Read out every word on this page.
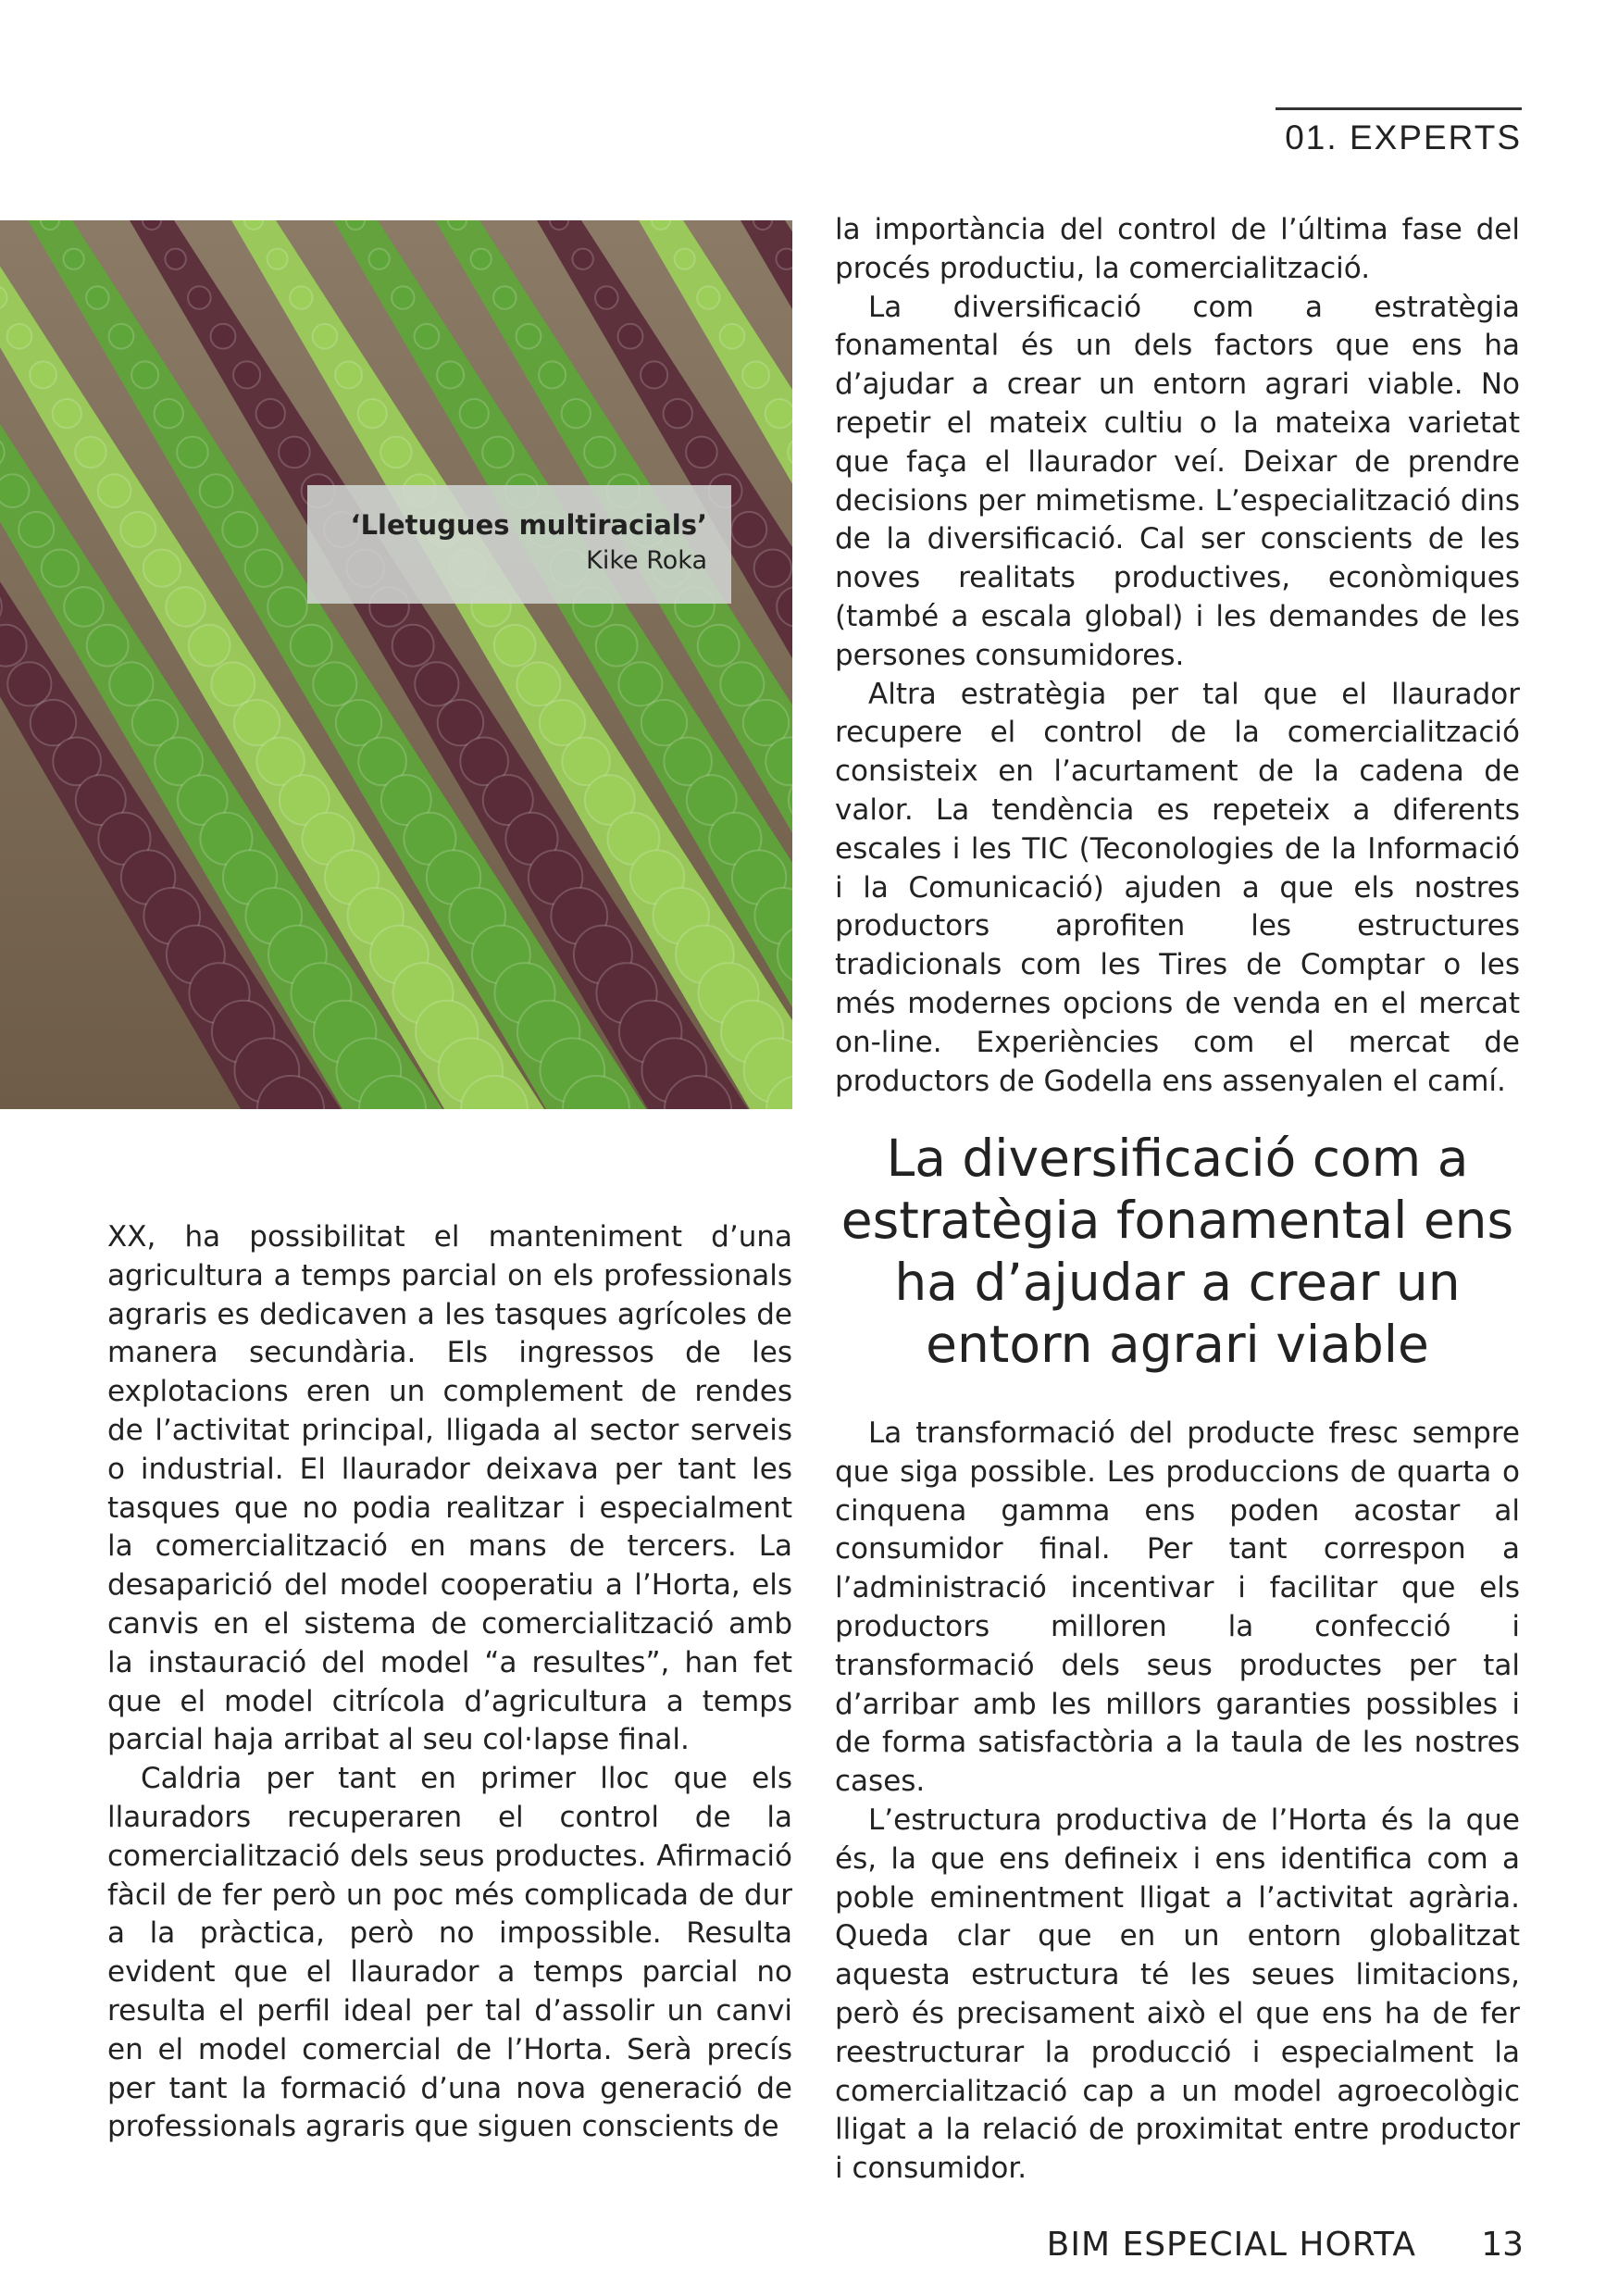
01. EXPERTS
‘Lletugues multiracials’
Kike Roka

la importància del control de l’última fase del procés productiu, la comercialització.

La diversificació com a estratègia fonamental és un dels factors que ens ha d’ajudar a crear un entorn agrari viable. No repetir el mateix cultiu o la mateixa varietat que faça el llaurador veí. Deixar de prendre decisions per mimetisme. L’especialització dins de la diversificació. Cal ser conscients de les noves realitats productives, econòmiques (també a escala global) i les demandes de les persones consumidores.

Altra estratègia per tal que el llaurador recupere el control de la comercialització consisteix en l’acurtament de la cadena de valor. La tendència es repeteix a diferents escales i les TIC (Teconologies de la Informació i la Comunicació) ajuden a que els nostres productors aprofiten les estructures tradicionals com les Tires de Comptar o les més modernes opcions de venda en el mercat on-line. Experiències com el mercat de productors de Godella ens assenyalen el camí.

La diversificació com a estratègia fonamental ens ha d’ajudar a crear un entorn agrari viable

XX, ha possibilitat el manteniment d’una agricultura a temps parcial on els professionals agraris es dedicaven a les tasques agrícoles de manera secundària. Els ingressos de les explotacions eren un complement de rendes de l’activitat principal, lligada al sector serveis o industrial. El llaurador deixava per tant les tasques que no podia realitzar i especialment la comercialització en mans de tercers. La desaparició del model cooperatiu a l’Horta, els canvis en el sistema de comercialització amb la instauració del model “a resultes”, han fet que el model citrícola d’agricultura a temps parcial haja arribat al seu col·lapse final.

Caldria per tant en primer lloc que els llauradors recuperaren el control de la comercialització dels seus productes. Afirmació fàcil de fer però un poc més complicada de dur a la pràctica, però no impossible. Resulta evident que el llaurador a temps parcial no resulta el perfil ideal per tal d’assolir un canvi en el model comercial de l’Horta. Serà precís per tant la formació d’una nova generació de professionals agraris que siguen conscients de

La transformació del producte fresc sempre que siga possible. Les produccions de quarta o cinquena gamma ens poden acostar al consumidor final. Per tant correspon a l’administració incentivar i facilitar que els productors milloren la confecció i transformació dels seus productes per tal d’arribar amb les millors garanties possibles i de forma satisfactòria a la taula de les nostres cases.

L’estructura productiva de l’Horta és la que és, la que ens defineix i ens identifica com a poble eminentment lligat a l’activitat agrària. Queda clar que en un entorn globalitzat aquesta estructura té les seues limitacions, però és precisament això el que ens ha de fer reestructurar la producció i especialment la comercialització cap a un model agroecològic lligat a la relació de proximitat entre productor i consumidor.

BIM ESPECIAL HORTA	13
